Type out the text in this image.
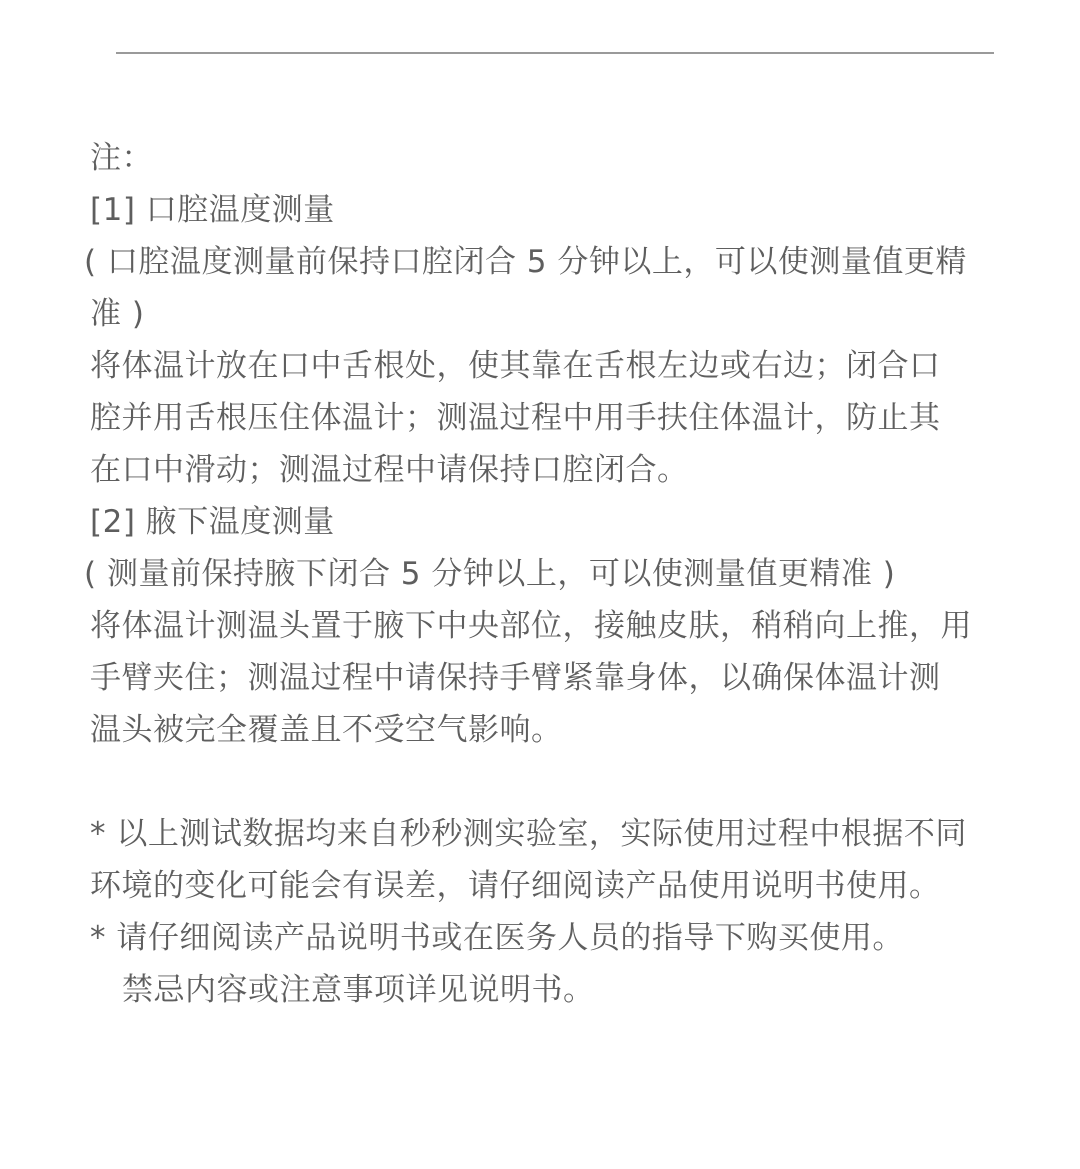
注：
[1] 口腔温度测量
( 口腔温度测量前保持口腔闭合 5 分钟以上，可以使测量值更精
准 )
将体温计放在口中舌根处，使其靠在舌根左边或右边；闭合口
腔并用舌根压住体温计；测温过程中用手扶住体温计，防止其
在口中滑动；测温过程中请保持口腔闭合。
[2] 腋下温度测量
( 测量前保持腋下闭合 5 分钟以上，可以使测量值更精准 )
将体温计测温头置于腋下中央部位，接触皮肤，稍稍向上推，用
手臂夹住；测温过程中请保持手臂紧靠身体，以确保体温计测
温头被完全覆盖且不受空气影响。
* 以上测试数据均来自秒秒测实验室，实际使用过程中根据不同
环境的变化可能会有误差，请仔细阅读产品使用说明书使用。
* 请仔细阅读产品说明书或在医务人员的指导下购买使用。
禁忌内容或注意事项详见说明书。
